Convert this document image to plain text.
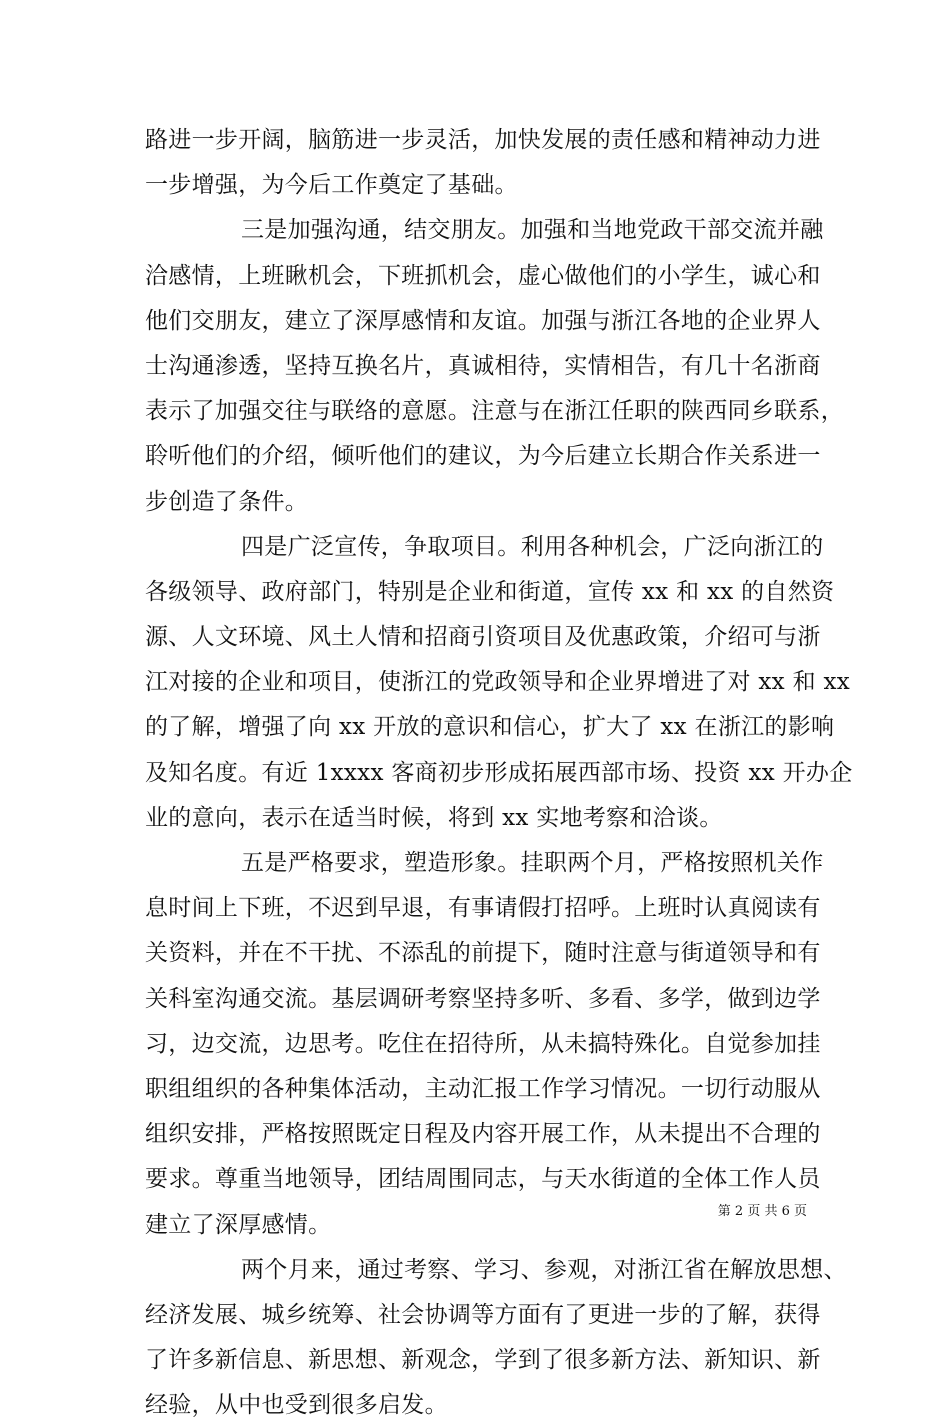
路进一步开阔，脑筋进一步灵活，加快发展的责任感和精神动力进
一步增强，为今后工作奠定了基础。
三是加强沟通，结交朋友。加强和当地党政干部交流并融
洽感情，上班瞅机会，下班抓机会，虚心做他们的小学生，诚心和
他们交朋友，建立了深厚感情和友谊。加强与浙江各地的企业界人
士沟通渗透，坚持互换名片，真诚相待，实情相告，有几十名浙商
表示了加强交往与联络的意愿。注意与在浙江任职的陕西同乡联系，
聆听他们的介绍，倾听他们的建议，为今后建立长期合作关系进一
步创造了条件。
四是广泛宣传，争取项目。利用各种机会，广泛向浙江的
各级领导、政府部门，特别是企业和街道，宣传 xx 和 xx 的自然资
源、人文环境、风土人情和招商引资项目及优惠政策，介绍可与浙
江对接的企业和项目，使浙江的党政领导和企业界增进了对 xx 和 xx
的了解，增强了向 xx 开放的意识和信心，扩大了 xx 在浙江的影响
及知名度。有近 1xxxx 客商初步形成拓展西部市场、投资 xx 开办企
业的意向，表示在适当时候，将到 xx 实地考察和洽谈。
五是严格要求，塑造形象。挂职两个月，严格按照机关作
息时间上下班，不迟到早退，有事请假打招呼。上班时认真阅读有
关资料，并在不干扰、不添乱的前提下，随时注意与街道领导和有
关科室沟通交流。基层调研考察坚持多听、多看、多学，做到边学
习，边交流，边思考。吃住在招待所，从未搞特殊化。自觉参加挂
职组组织的各种集体活动，主动汇报工作学习情况。一切行动服从
组织安排，严格按照既定日程及内容开展工作，从未提出不合理的
要求。尊重当地领导，团结周围同志，与天水街道的全体工作人员
建立了深厚感情。
两个月来，通过考察、学习、参观，对浙江省在解放思想、
经济发展、城乡统筹、社会协调等方面有了更进一步的了解，获得
了许多新信息、新思想、新观念，学到了很多新方法、新知识、新
经验，从中也受到很多启发。
第 2 页 共 6 页
